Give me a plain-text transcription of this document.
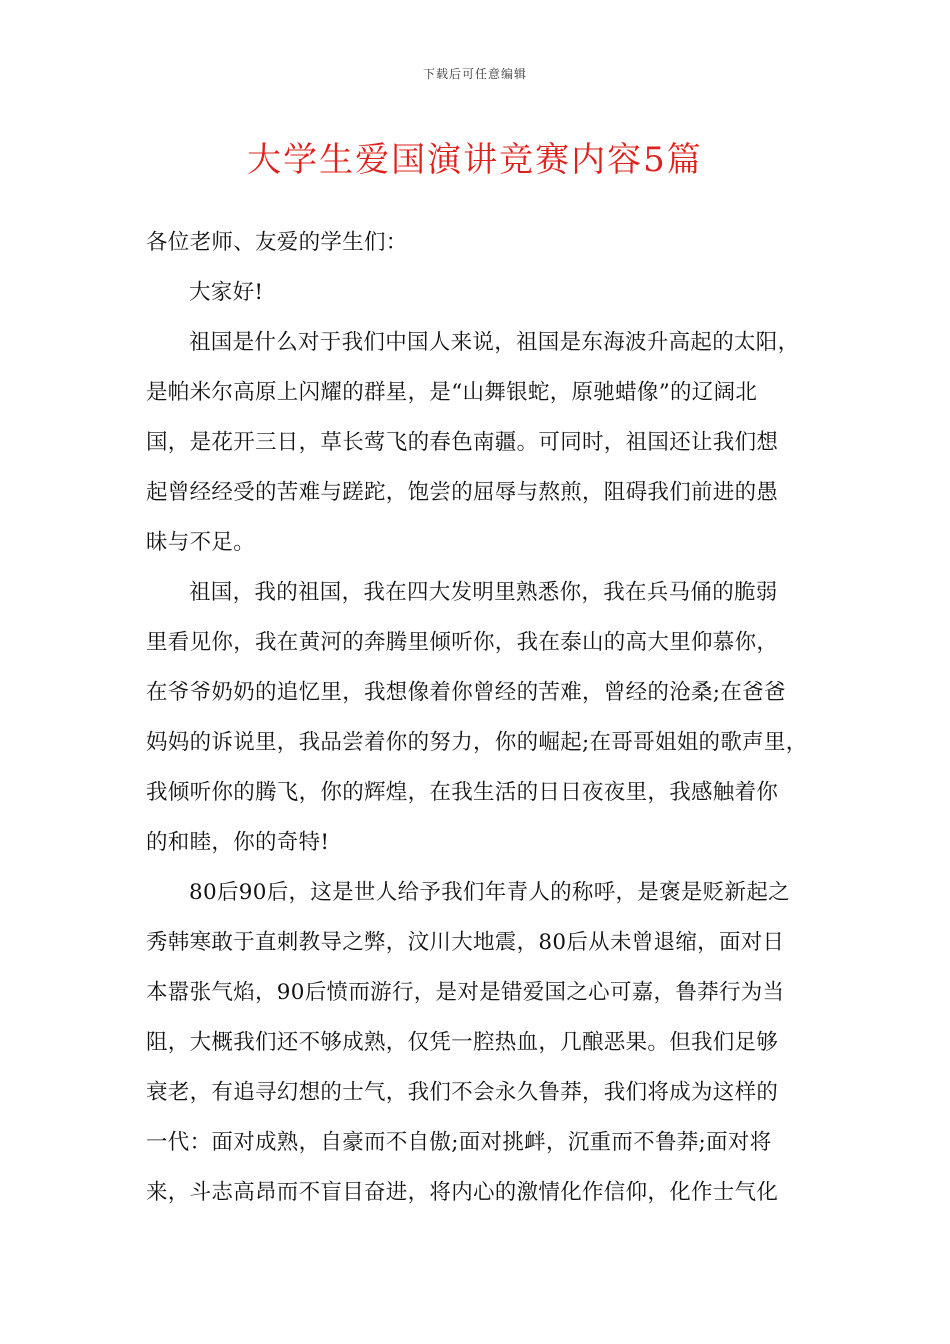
下载后可任意编辑
大学生爱国演讲竞赛内容5篇
各位老师、友爱的学生们：
大家好!
祖国是什么对于我们中国人来说，祖国是东海波升高起的太阳，
是帕米尔高原上闪耀的群星，是“山舞银蛇，原驰蜡像”的辽阔北
国，是花开三日，草长莺飞的春色南疆。可同时，祖国还让我们想
起曾经经受的苦难与蹉跎，饱尝的屈辱与熬煎，阻碍我们前进的愚
昧与不足。
祖国，我的祖国，我在四大发明里熟悉你，我在兵马俑的脆弱
里看见你，我在黄河的奔腾里倾听你，我在泰山的高大里仰慕你，
在爷爷奶奶的追忆里，我想像着你曾经的苦难，曾经的沧桑;在爸爸
妈妈的诉说里，我品尝着你的努力，你的崛起;在哥哥姐姐的歌声里，
我倾听你的腾飞，你的辉煌，在我生活的日日夜夜里，我感触着你
的和睦，你的奇特!
80后90后，这是世人给予我们年青人的称呼，是褒是贬新起之
秀韩寒敢于直刺教导之弊，汶川大地震，80后从未曾退缩，面对日
本嚣张气焰，90后愤而游行，是对是错爱国之心可嘉，鲁莽行为当
阻，大概我们还不够成熟，仅凭一腔热血，几酿恶果。但我们足够
衰老，有追寻幻想的士气，我们不会永久鲁莽，我们将成为这样的
一代：面对成熟，自豪而不自傲;面对挑衅，沉重而不鲁莽;面对将
来，斗志高昂而不盲目奋进，将内心的激情化作信仰，化作士气化
